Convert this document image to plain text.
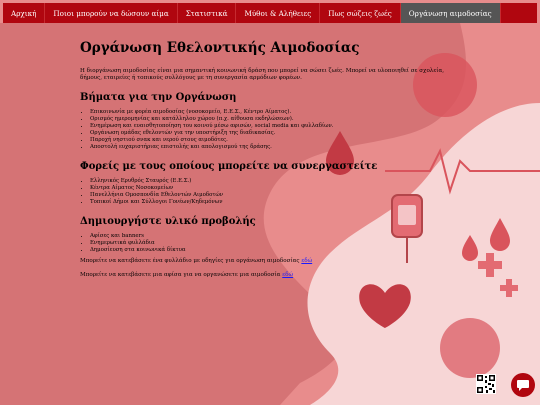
Αρχική	Ποιοι μπορούν να δώσουν αίμα	Στατιστικά	Μύθοι & Αλήθειες	Πως σώζεις ζωές	Οργάνωση αιμοδοσίας
Οργάνωση Εθελοντικής Αιμοδοσίας

Η διοργάνωση αιμοδοσίας είναι μια σημαντική κοινωνική δράση που μπορεί να σώσει ζωές. Μπορεί να υλοποιηθεί σε σχολεία, δήμους, εταιρείες ή τοπικούς συλλόγους με τη συνεργασία αρμόδιων φορέων.

Βήματα για την Οργάνωση
• Επικοινωνία με φορέα αιμοδοσίας (νοσοκομείο, Ε.Ε.Σ., Κέντρο Αίματος).
• Ορισμός ημερομηνίας και κατάλληλου χώρου (π.χ. αίθουσα εκδηλώσεων).
• Ενημέρωση και ευαισθητοποίηση του κοινού μέσω αφισών, social media και φυλλαδίων.
• Οργάνωση ομάδας εθελοντών για την υποστήριξη της διαδικασίας.
• Παροχή νηστιού σνακ και νερού στους αιμοδότες.
• Αποστολή ευχαριστήριας επιστολής και απολογισμού της δράσης.
Φορείς με τους οποίους μπορείτε να συνεργαστείτε
• Ελληνικός Ερυθρός Σταυρός (Ε.Ε.Σ.)
• Κέντρα Αίματος Νοσοκομείων
• Πανελλήνια Ομοσπονδία Εθελοντών Αιμοδοτών
• Τοπικοί Δήμοι και Σύλλογοι Γονέων/Κηδεμόνων
Δημιουργήστε υλικό προβολής
• Αφίσες και banners
• Ενημερωτικά φυλλάδια
• Δημοσίευση στα κοινωνικά δίκτυα

Μπορείτε να κατεβάσετε ένα φυλλάδιο με οδηγίες για οργάνωση αιμοδοσίας εδώ

Μπορείτε να κατεβάσετε μια αφίσα για να οργανώσετε μια αιμοδοσία εδώ
